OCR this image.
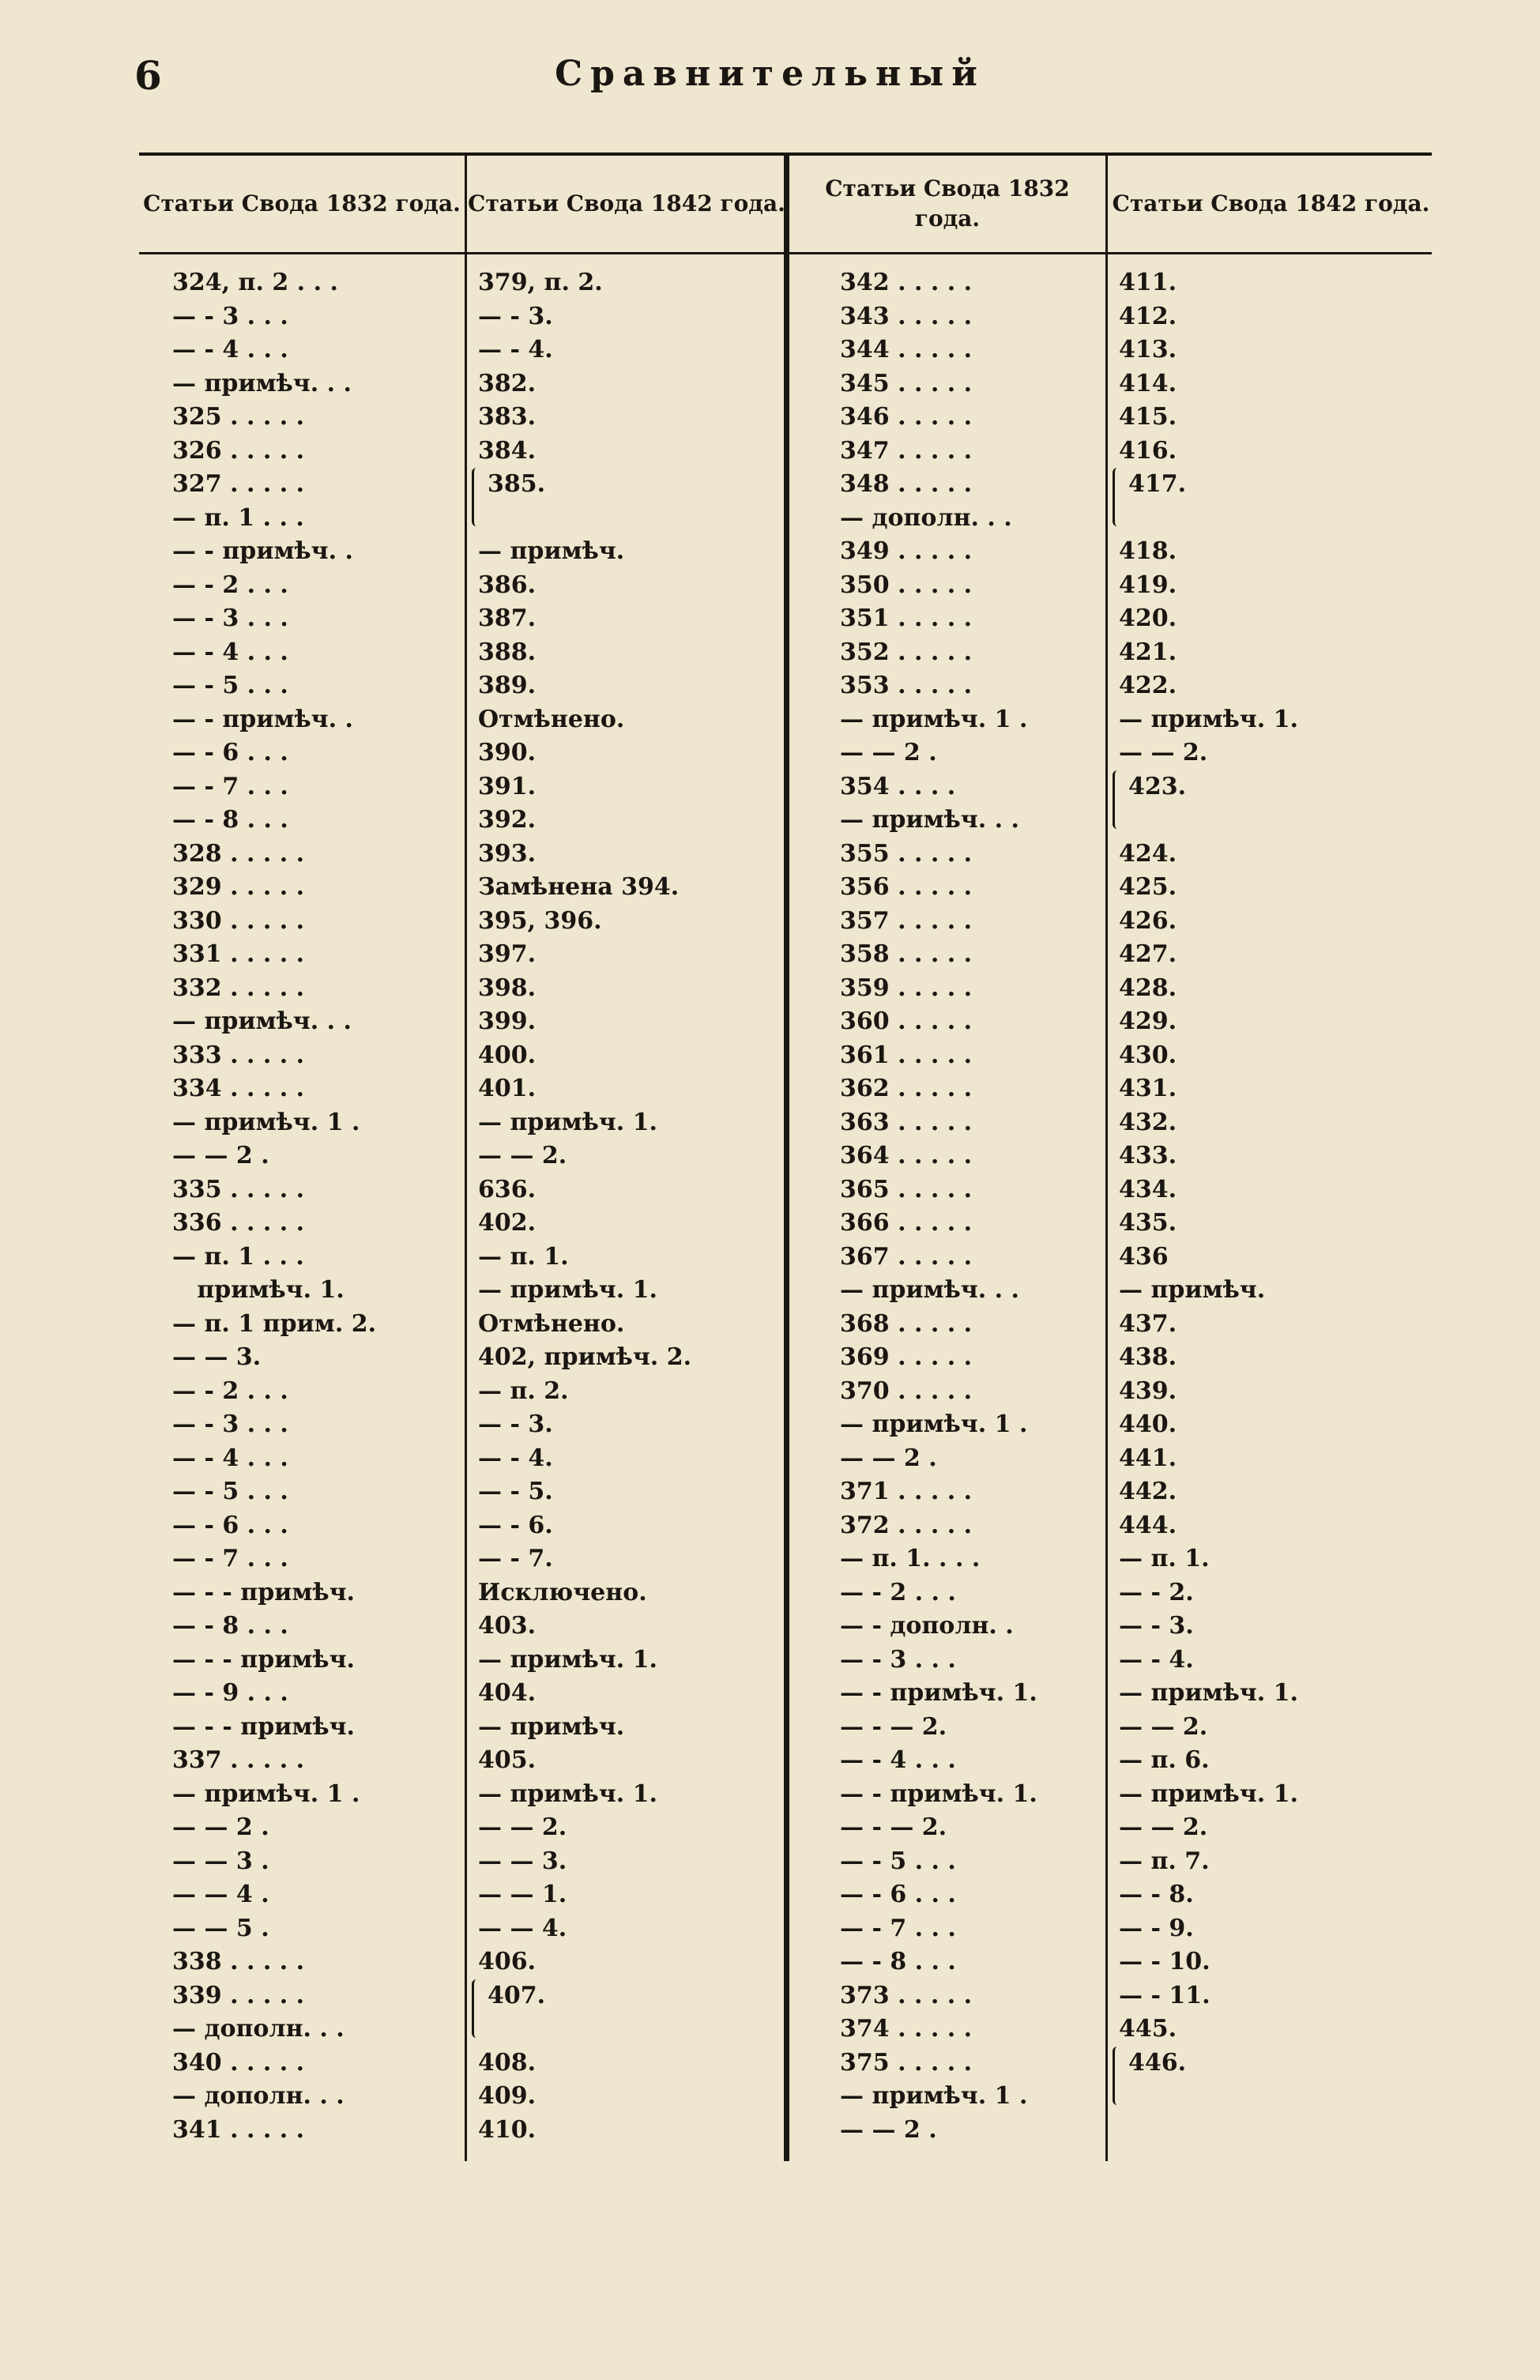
6	Сравнительный
Статьи Свода 1832 года.
324, п. 2 . . .
— - 3 . . .
— - 4 . . .
— примѣч. . .
325 . . . . .
326 . . . . .
327 . . . . .
— п. 1 . . .
— - примѣч. .
— - 2 . . .
— - 3 . . .
— - 4 . . .
— - 5 . . .
— - примѣч. .
— - 6 . . .
— - 7 . . .
— - 8 . . .
328 . . . . .
329 . . . . .
330 . . . . .
331 . . . . .
332 . . . . .
— примѣч. . .
333 . . . . .
334 . . . . .
— примѣч. 1 .
— — 2 .
335 . . . . .
336 . . . . .
— п. 1 . . .
примѣч. 1.
— п. 1 прим. 2.
— — 3.
— - 2 . . .
— - 3 . . .
— - 4 . . .
— - 5 . . .
— - 6 . . .
— - 7 . . .
— - - примѣч.
— - 8 . . .
— - - примѣч.
— - 9 . . .
— - - примѣч.
337 . . . . .
— примѣч. 1 .
— — 2 .
— — 3 .
— — 4 .
— — 5 .
338 . . . . .
339 . . . . .
— дополн. . .
340 . . . . .
— дополн. . .
341 . . . . .
Статьи Свода 1842 года.
379, п. 2.
— - 3.
— - 4.
382.
383.
384.
385.
— примѣч.
386.
387.
388.
389.
Отмѣнено.
390.
391.
392.
393.
Замѣнена 394.
395, 396.
397.
398.
399.
400.
401.
— примѣч. 1.
— — 2.
636.
402.
— п. 1.
— примѣч. 1.
Отмѣнено.
402, примѣч. 2.
— п. 2.
— - 3.
— - 4.
— - 5.
— - 6.
— - 7.
Исключено.
403.
— примѣч. 1.
404.
— примѣч.
405.
— примѣч. 1.
— — 2.
— — 3.
— — 1.
— — 4.
406.
407.
408.
409.
410.
Статьи Свода 1832 года.
342 . . . . .
343 . . . . .
344 . . . . .
345 . . . . .
346 . . . . .
347 . . . . .
348 . . . . .
— дополн. . .
349 . . . . .
350 . . . . .
351 . . . . .
352 . . . . .
353 . . . . .
— примѣч. 1 .
— — 2 .
354 . . . .
— примѣч. . .
355 . . . . .
356 . . . . .
357 . . . . .
358 . . . . .
359 . . . . .
360 . . . . .
361 . . . . .
362 . . . . .
363 . . . . .
364 . . . . .
365 . . . . .
366 . . . . .
367 . . . . .
— примѣч. . .
368 . . . . .
369 . . . . .
370 . . . . .
— примѣч. 1 .
— — 2 .
371 . . . . .
372 . . . . .
— п. 1. . . .
— - 2 . . .
— - дополн. .
— - 3 . . .
— - примѣч. 1.
— - — 2.
— - 4 . . .
— - примѣч. 1.
— - — 2.
— - 5 . . .
— - 6 . . .
— - 7 . . .
— - 8 . . .
373 . . . . .
374 . . . . .
375 . . . . .
— примѣч. 1 .
— — 2 .
Статьи Свода 1842 года.
411.
412.
413.
414.
415.
416.
417.
418.
419.
420.
421.
422.
— примѣч. 1.
— — 2.
423.
424.
425.
426.
427.
428.
429.
430.
431.
432.
433.
434.
435.
436
— примѣч.
437.
438.
439.
440.
441.
442.
444.
— п. 1.
— - 2.
— - 3.
— - 4.
— примѣч. 1.
— — 2.
— п. 6.
— примѣч. 1.
— — 2.
— п. 7.
— - 8.
— - 9.
— - 10.
— - 11.
445.
446.
